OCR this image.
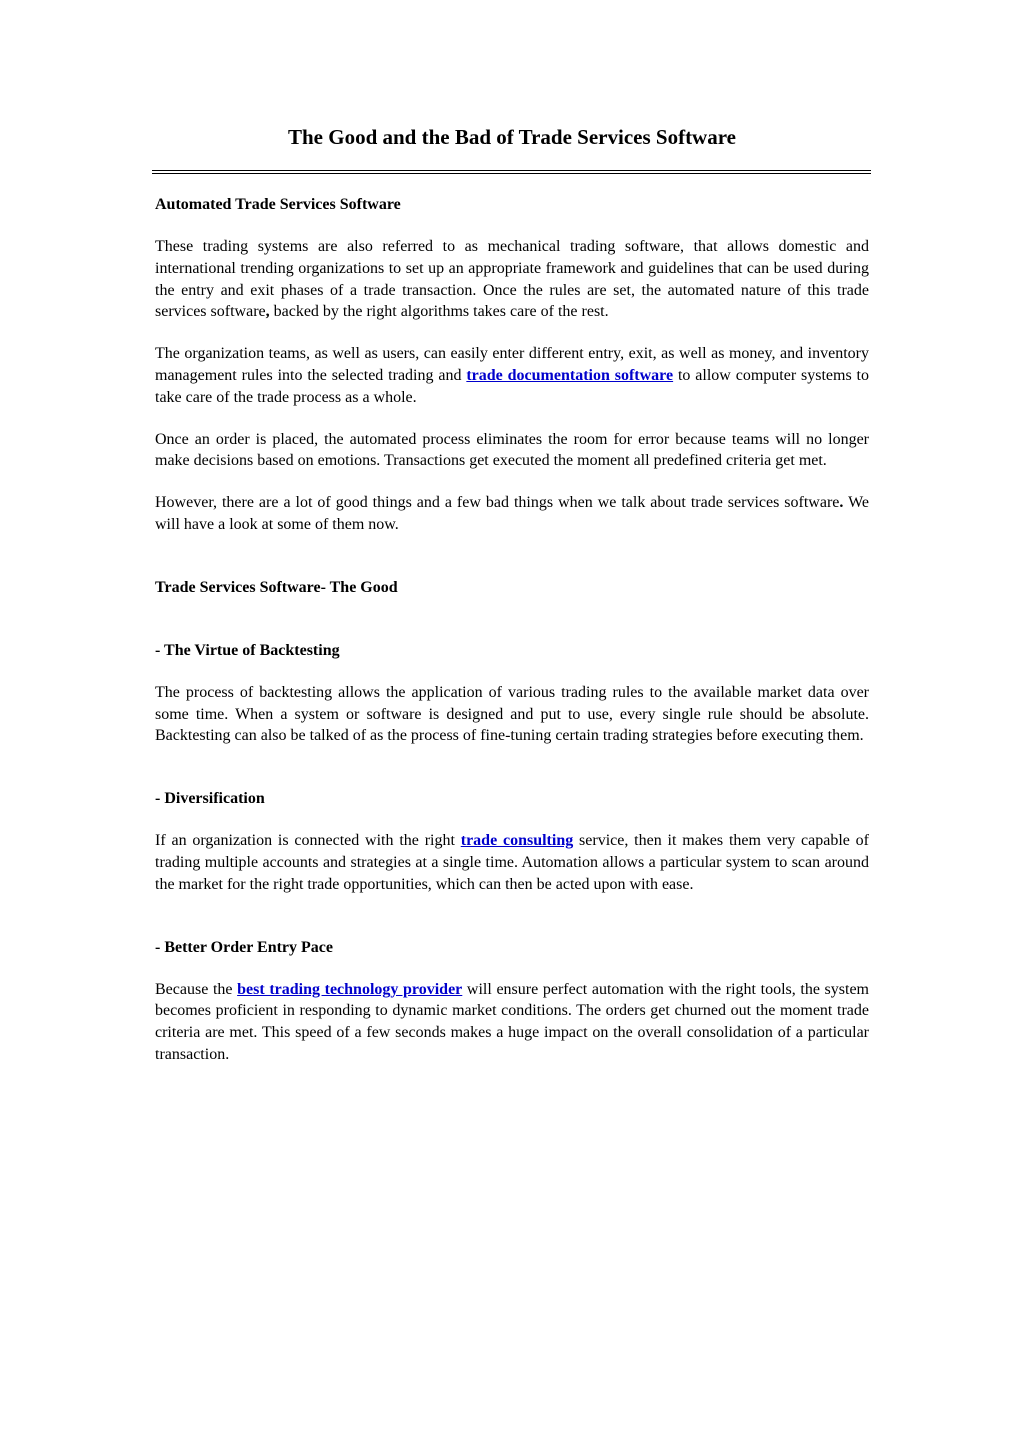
The Good and the Bad of Trade Services Software
Automated Trade Services Software

These trading systems are also referred to as mechanical trading software, that allows domestic and international trending organizations to set up an appropriate framework and guidelines that can be used during the entry and exit phases of a trade transaction. Once the rules are set, the automated nature of this trade services software, backed by the right algorithms takes care of the rest.

The organization teams, as well as users, can easily enter different entry, exit, as well as money, and inventory management rules into the selected trading and trade documentation software to allow computer systems to take care of the trade process as a whole.

Once an order is placed, the automated process eliminates the room for error because teams will no longer make decisions based on emotions. Transactions get executed the moment all predefined criteria get met.

However, there are a lot of good things and a few bad things when we talk about trade services software. We will have a look at some of them now.

Trade Services Software- The Good
- The Virtue of Backtesting

The process of backtesting allows the application of various trading rules to the available market data over some time. When a system or software is designed and put to use, every single rule should be absolute. Backtesting can also be talked of as the process of fine-tuning certain trading strategies before executing them.

- Diversification

If an organization is connected with the right trade consulting service, then it makes them very capable of trading multiple accounts and strategies at a single time. Automation allows a particular system to scan around the market for the right trade opportunities, which can then be acted upon with ease.

- Better Order Entry Pace

Because the best trading technology provider will ensure perfect automation with the right tools, the system becomes proficient in responding to dynamic market conditions. The orders get churned out the moment trade criteria are met. This speed of a few seconds makes a huge impact on the overall consolidation of a particular transaction.
